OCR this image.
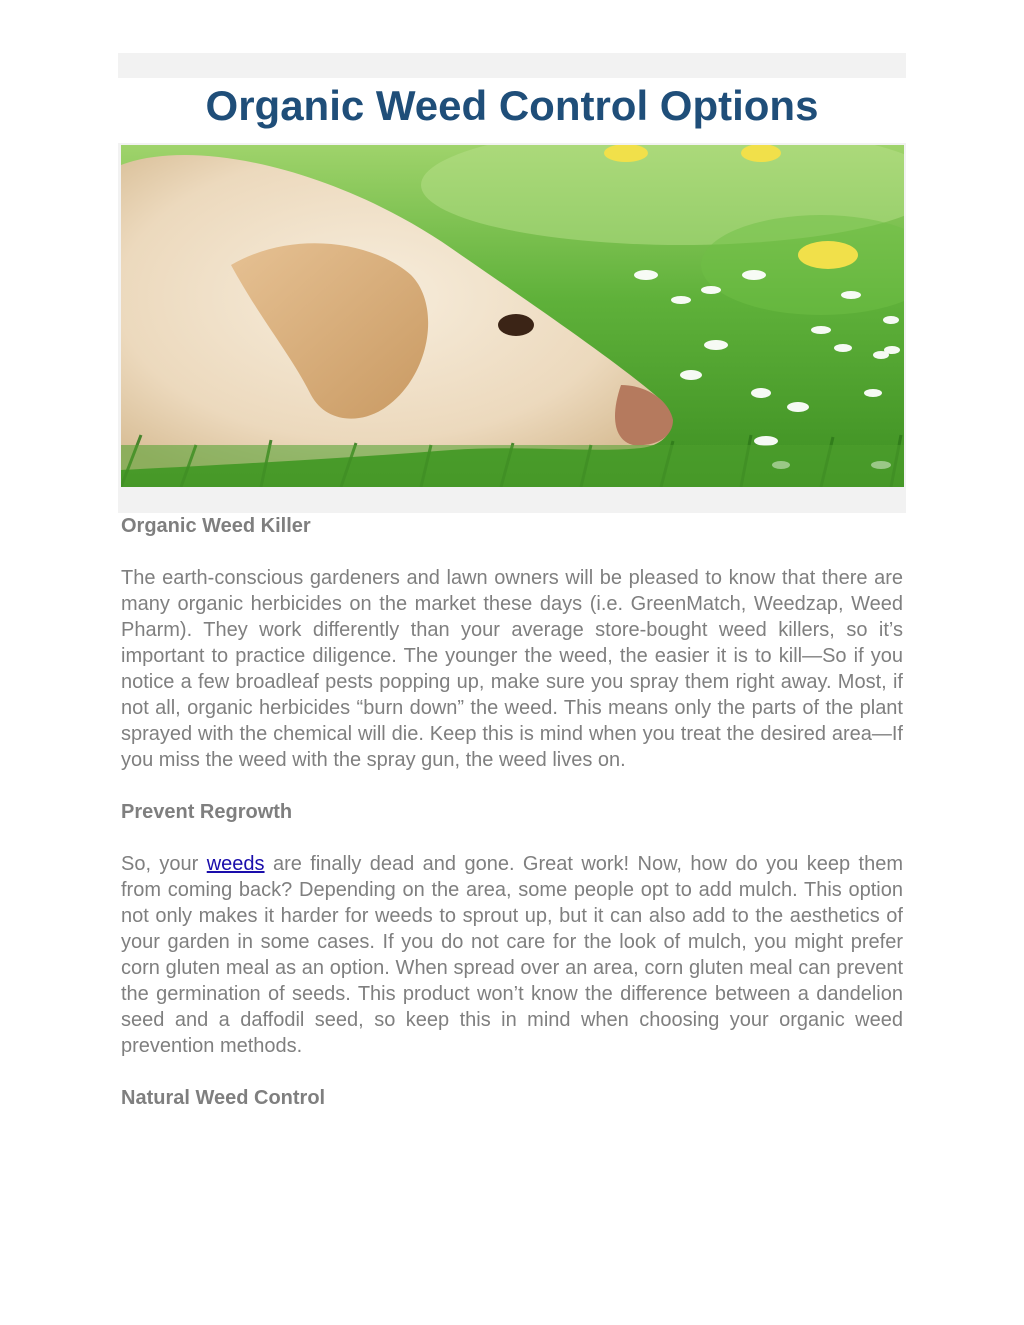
Organic Weed Control Options
Organic Weed Killer

The earth-conscious gardeners and lawn owners will be pleased to know that there are many organic herbicides on the market these days (i.e. GreenMatch, Weedzap, Weed Pharm). They work differently than your average store-bought weed killers, so it’s important to practice diligence. The younger the weed, the easier it is to kill—So if you notice a few broadleaf pests popping up, make sure you spray them right away. Most, if not all, organic herbicides “burn down” the weed. This means only the parts of the plant sprayed with the chemical will die. Keep this is mind when you treat the desired area—If you miss the weed with the spray gun, the weed lives on.

Prevent Regrowth

So, your weeds are finally dead and gone. Great work! Now, how do you keep them from coming back? Depending on the area, some people opt to add mulch. This option not only makes it harder for weeds to sprout up, but it can also add to the aesthetics of your garden in some cases. If you do not care for the look of mulch, you might prefer corn gluten meal as an option. When spread over an area, corn gluten meal can prevent the germination of seeds. This product won’t know the difference between a dandelion seed and a daffodil seed, so keep this in mind when choosing your organic weed prevention methods.

Natural Weed Control
